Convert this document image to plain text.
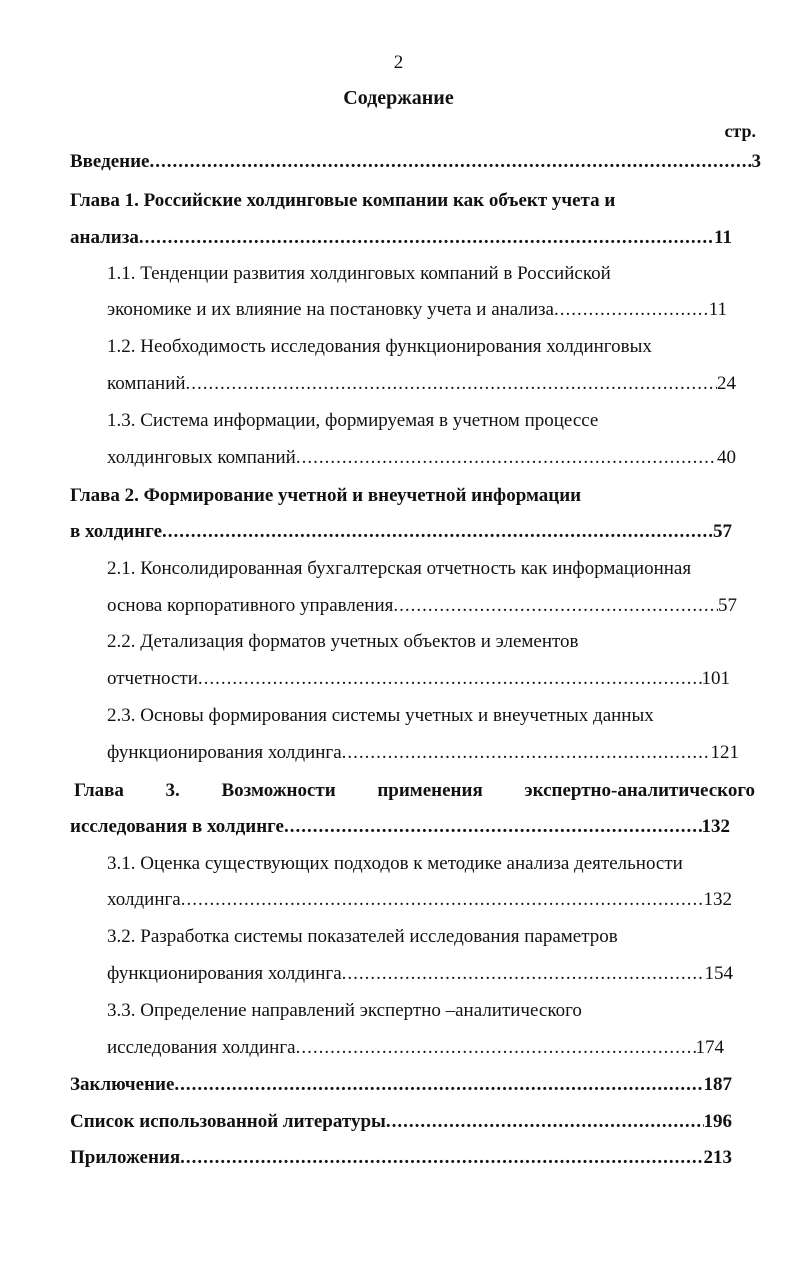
2
Содержание
стр.
Введение .....	3
Глава 1. Российские холдинговые компании как объект учета и
анализа .....	11
1.1. Тенденции развития холдинговых компаний в Российской
экономике и их влияние на постановку учета и анализа .....	11
1.2. Необходимость исследования функционирования холдинговых
компаний .....	24
1.3. Система информации, формируемая в учетном процессе
холдинговых компаний .....	40
Глава 2. Формирование учетной и внеучетной информации
в холдинге .....	57
2.1. Консолидированная бухгалтерская отчетность как информационная
основа корпоративного управления .....	57
2.2. Детализация форматов учетных объектов и элементов
отчетности .....	101
2.3. Основы формирования системы учетных и внеучетных данных
функционирования холдинга .....	121
Глава 3. Возможности применения экспертно-аналитического
исследования в холдинге .....	132
3.1. Оценка существующих подходов к методике анализа деятельности
холдинга .....	132
3.2. Разработка системы показателей исследования параметров
функционирования холдинга .....	154
3.3. Определение направлений экспертно –аналитического
исследования холдинга .....	174
Заключение .....	187
Список использованной литературы .....	196
Приложения .....	213
